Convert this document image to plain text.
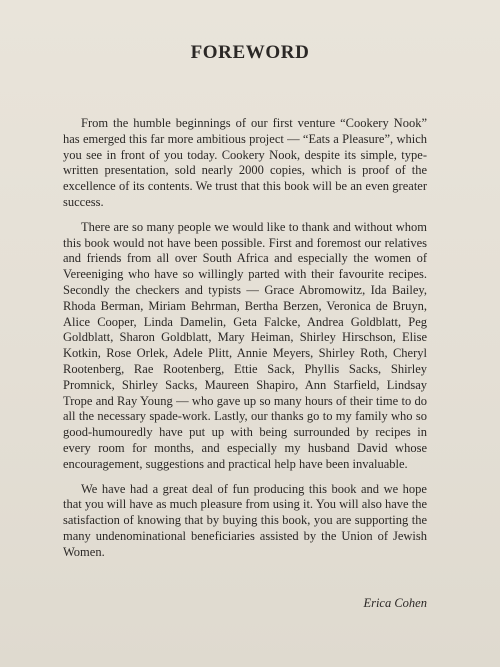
FOREWORD

From the humble beginnings of our first venture “Cookery Nook” has emerged this far more ambitious project — “Eats a Pleasure”, which you see in front of you today. Cookery Nook, despite its simple, type-written presentation, sold nearly 2000 copies, which is proof of the excellence of its contents. We trust that this book will be an even greater success.

There are so many people we would like to thank and without whom this book would not have been possible. First and foremost our relatives and friends from all over South Africa and especially the women of Vereeniging who have so willingly parted with their favourite recipes. Secondly the checkers and typists — Grace Abromowitz, Ida Bailey, Rhoda Berman, Miriam Behrman, Bertha Berzen, Veronica de Bruyn, Alice Cooper, Linda Damelin, Geta Falcke, Andrea Goldblatt, Peg Goldblatt, Sharon Goldblatt, Mary Heiman, Shirley Hirschson, Elise Kotkin, Rose Orlek, Adele Plitt, Annie Meyers, Shirley Roth, Cheryl Rootenberg, Rae Rootenberg, Ettie Sack, Phyllis Sacks, Shirley Promnick, Shirley Sacks, Maureen Shapiro, Ann Starfield, Lindsay Trope and Ray Young — who gave up so many hours of their time to do all the necessary spade-work. Lastly, our thanks go to my family who so good-humouredly have put up with being surrounded by recipes in every room for months, and especially my husband David whose encouragement, suggestions and practical help have been invaluable.

We have had a great deal of fun producing this book and we hope that you will have as much pleasure from using it. You will also have the satisfaction of knowing that by buying this book, you are supporting the many undenominational beneficiaries assisted by the Union of Jewish Women.

Erica Cohen
